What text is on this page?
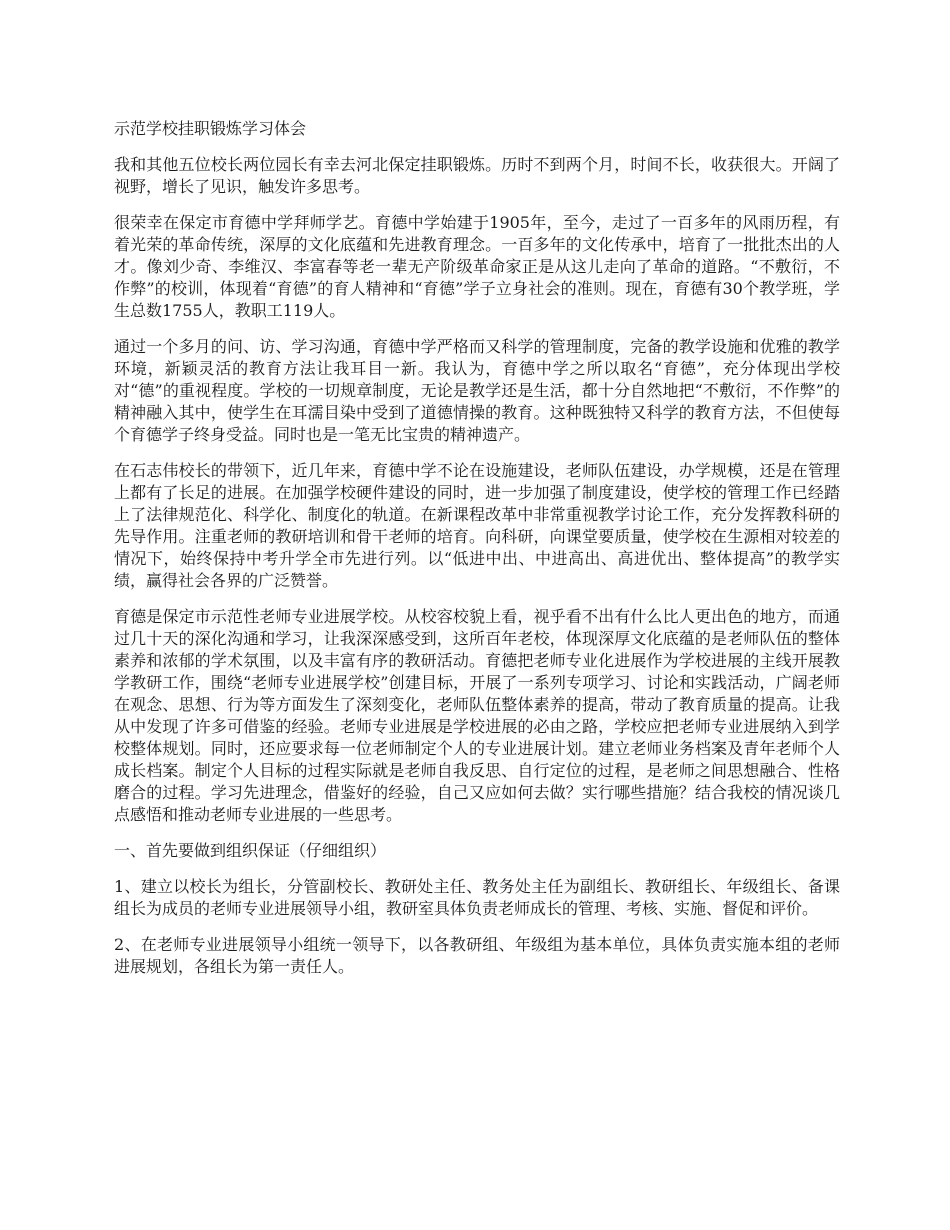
示范学校挂职锻炼学习体会

我和其他五位校长两位园长有幸去河北保定挂职锻炼。历时不到两个月，时间不长，收获很大。开阔了视野，增长了见识，触发许多思考。

很荣幸在保定市育德中学拜师学艺。育德中学始建于1905年，至今，走过了一百多年的风雨历程，有着光荣的革命传统，深厚的文化底蕴和先进教育理念。一百多年的文化传承中，培育了一批批杰出的人才。像刘少奇、李维汉、李富春等老一辈无产阶级革命家正是从这儿走向了革命的道路。“不敷衍，不作弊”的校训，体现着“育德”的育人精神和“育德”学子立身社会的准则。现在，育德有30个教学班，学生总数1755人，教职工119人。

通过一个多月的问、访、学习沟通，育德中学严格而又科学的管理制度，完备的教学设施和优雅的教学环境，新颖灵活的教育方法让我耳目一新。我认为，育德中学之所以取名“育德”，充分体现出学校对“德”的重视程度。学校的一切规章制度，无论是教学还是生活，都十分自然地把“不敷衍，不作弊”的精神融入其中，使学生在耳濡目染中受到了道德情操的教育。这种既独特又科学的教育方法，不但使每个育德学子终身受益。同时也是一笔无比宝贵的精神遗产。

在石志伟校长的带领下，近几年来，育德中学不论在设施建设，老师队伍建设，办学规模，还是在管理上都有了长足的进展。在加强学校硬件建设的同时，进一步加强了制度建设，使学校的管理工作已经踏上了法律规范化、科学化、制度化的轨道。在新课程改革中非常重视教学讨论工作，充分发挥教科研的先导作用。注重老师的教研培训和骨干老师的培育。向科研，向课堂要质量，使学校在生源相对较差的情况下，始终保持中考升学全市先进行列。以“低进中出、中进高出、高进优出、整体提高”的教学实绩，赢得社会各界的广泛赞誉。

育德是保定市示范性老师专业进展学校。从校容校貌上看，视乎看不出有什么比人更出色的地方，而通过几十天的深化沟通和学习，让我深深感受到，这所百年老校，体现深厚文化底蕴的是老师队伍的整体素养和浓郁的学术氛围，以及丰富有序的教研活动。育德把老师专业化进展作为学校进展的主线开展教学教研工作，围绕“老师专业进展学校”创建目标，开展了一系列专项学习、讨论和实践活动，广阔老师在观念、思想、行为等方面发生了深刻变化，老师队伍整体素养的提高，带动了教育质量的提高。让我从中发现了许多可借鉴的经验。老师专业进展是学校进展的必由之路，学校应把老师专业进展纳入到学校整体规划。同时，还应要求每一位老师制定个人的专业进展计划。建立老师业务档案及青年老师个人成长档案。制定个人目标的过程实际就是老师自我反思、自行定位的过程，是老师之间思想融合、性格磨合的过程。学习先进理念，借鉴好的经验，自己又应如何去做？实行哪些措施？结合我校的情况谈几点感悟和推动老师专业进展的一些思考。

一、首先要做到组织保证（仔细组织）

1、建立以校长为组长，分管副校长、教研处主任、教务处主任为副组长、教研组长、年级组长、备课组长为成员的老师专业进展领导小组，教研室具体负责老师成长的管理、考核、实施、督促和评价。

2、在老师专业进展领导小组统一领导下，以各教研组、年级组为基本单位，具体负责实施本组的老师进展规划，各组长为第一责任人。
